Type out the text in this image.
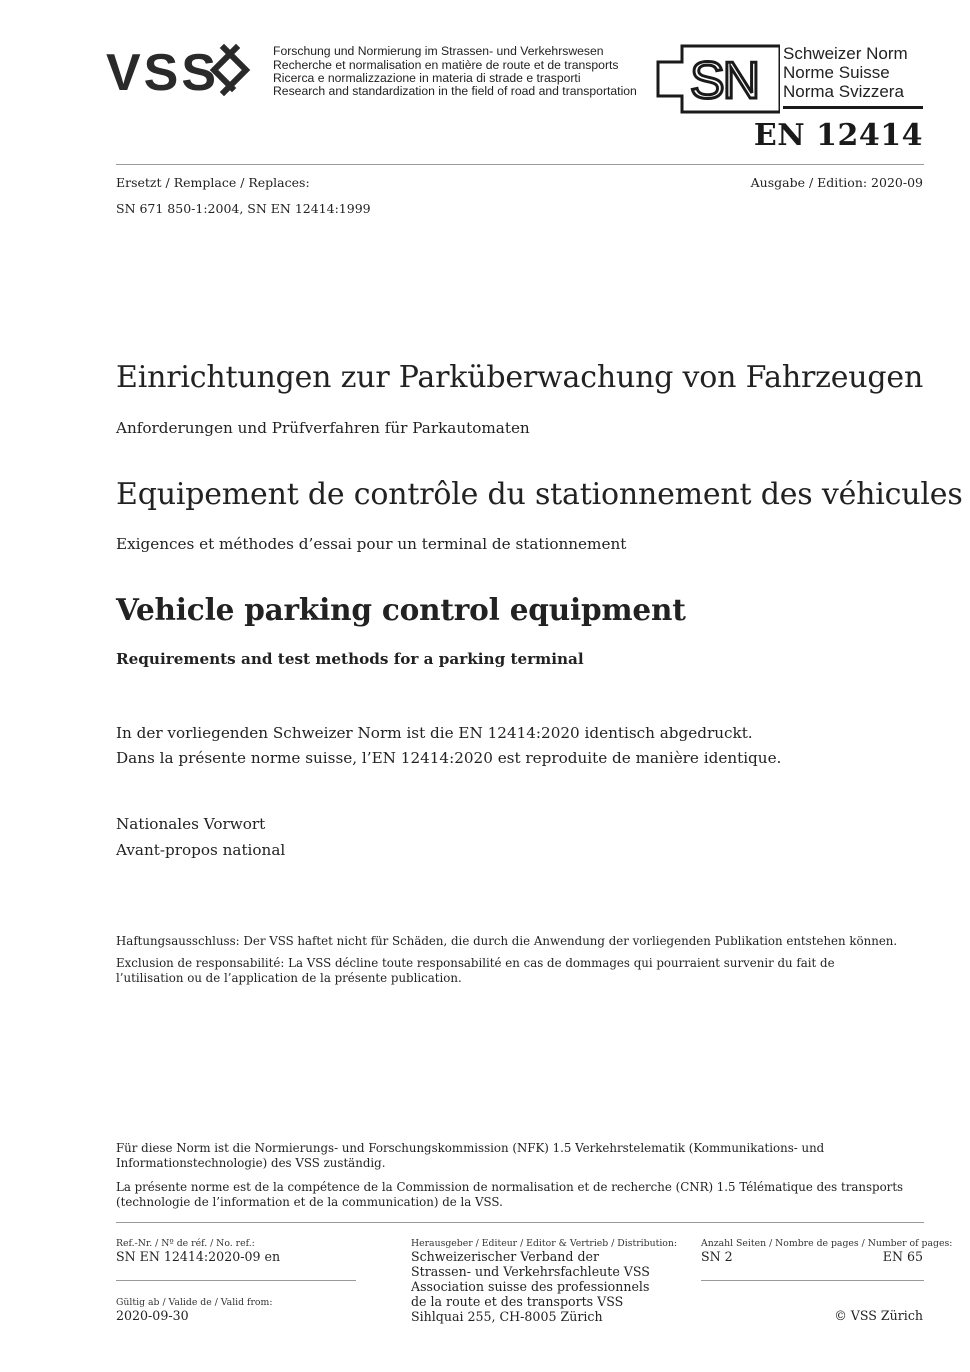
VSS	Forschung und Normierung im Strassen- und Verkehrswesen
Recherche et normalisation en matière de route et de transports
Ricerca e normalizzazione in materia di strade e trasporti
Research and standardization in the field of road and transportation SN Schweizer Norm
Norme Suisse
Norma Svizzera
EN 12414
Ersetzt / Remplace / Replaces:	Ausgabe / Edition: 2020-09
SN 671 850-1:2004, SN EN 12414:1999
Einrichtungen zur Parküberwachung von Fahrzeugen
Anforderungen und Prüfverfahren für Parkautomaten
Equipement de contrôle du stationnement des véhicules
Exigences et méthodes d’essai pour un terminal de stationnement
Vehicle parking control equipment
Requirements and test methods for a parking terminal
In der vorliegenden Schweizer Norm ist die EN 12414:2020 identisch abgedruckt.
Dans la présente norme suisse, l’EN 12414:2020 est reproduite de manière identique.
Nationales Vorwort
Avant-propos national
Haftungsausschluss: Der VSS haftet nicht für Schäden, die durch die Anwendung der vorliegenden Publikation entstehen können.
Exclusion de responsabilité: La VSS décline toute responsabilité en cas de dommages qui pourraient survenir du fait de l’utilisation ou de l’application de la présente publication.
Für diese Norm ist die Normierungs- und Forschungskommission (NFK) 1.5 Verkehrstelematik (Kommunikations- und Informationstechnologie) des VSS zuständig.
La présente norme est de la compétence de la Commission de normalisation et de recherche (CNR) 1.5 Télématique des transports (technologie de l’information et de la communication) de la VSS.
Ref.-Nr. / Nº de réf. / No. ref.:
SN EN 12414:2020-09 en
Gültig ab / Valide de / Valid from:
2020-09-30
Herausgeber / Editeur / Editor & Vertrieb / Distribution:
Schweizerischer Verband der
Strassen- und Verkehrsfachleute VSS
Association suisse des professionnels
de la route et des transports VSS
Sihlquai 255, CH-8005 Zürich
Anzahl Seiten / Nombre de pages / Number of pages:
SN 2	EN 65
© VSS Zürich
